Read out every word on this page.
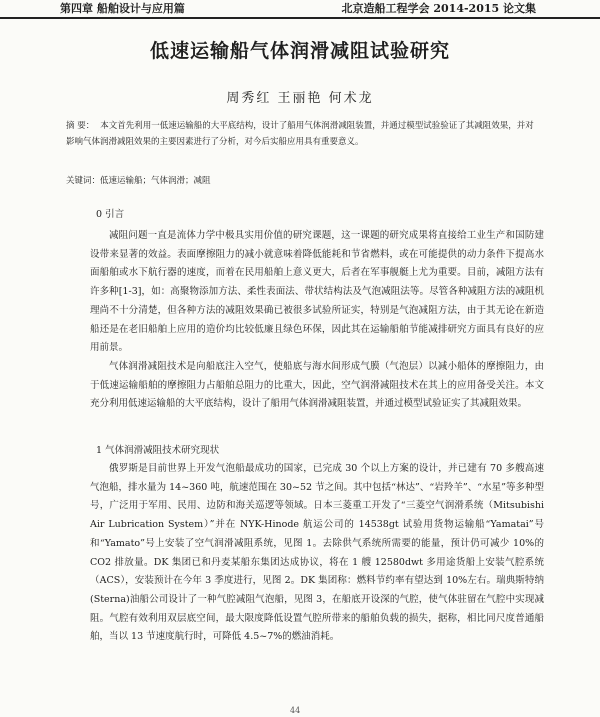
第四章 船舶设计与应用篇	北京造船工程学会 2014-2015 论文集
低速运输船气体润滑减阻试验研究
周秀红 王丽艳 何术龙
摘 要： 本文首先利用一低速运输船的大平底结构，设计了船用气体润滑减阻装置，并通过模型试验验证了其减阻效果，并对影响气体润滑减阻效果的主要因素进行了分析，对今后实船应用具有重要意义。
关键词：低速运输船；气体润滑；减阻
0 引言

减阻问题一直是流体力学中极具实用价值的研究课题，这一课题的研究成果将直接给工业生产和国防建设带来显著的效益。表面摩擦阻力的减小就意味着降低能耗和节省燃料，或在可能提供的动力条件下提高水面船舶或水下航行器的速度，而着在民用船舶上意义更大，后者在军事舰艇上尤为重要。目前，减阻方法有许多种[1-3]，如：高聚物添加方法、柔性表面法、带状结构法及气泡减阻法等。尽管各种减阻方法的减阻机理尚不十分清楚，但各种方法的减阻效果确已被很多试验所证实，特别是气泡减阻方法，由于其无论在新造船还是在老旧船舶上应用的造价均比较低廉且绿色环保，因此其在运输船舶节能减排研究方面具有良好的应用前景。

气体润滑减阻技术是向船底注入空气，使船底与海水间形成气膜（气泡层）以减小船体的摩擦阻力，由于低速运输船舶的摩擦阻力占船舶总阻力的比重大，因此，空气润滑减阻技术在其上的应用备受关注。本文充分利用低速运输船的大平底结构，设计了船用气体润滑减阻装置，并通过模型试验证实了其减阻效果。

1 气体润滑减阻技术研究现状

俄罗斯是目前世界上开发气泡船最成功的国家，已完成 30 个以上方案的设计，并已建有 70 多艘高速气泡船，排水量为 14~360 吨，航速范围在 30~52 节之间。其中包括“林达”、“岩羚羊”、“水星”等多种型号，广泛用于军用、民用、边防和海关巡逻等领域。日本三菱重工开发了“三菱空气润滑系统（Mitsubishi Air Lubrication System）”并在 NYK-Hinode 航运公司的 14538gt 试验用货物运输船“Yamatai”号和“Yamato”号上安装了空气润滑减阻系统，见图 1。去除供气系统所需要的能量，预计仍可减少 10%的 CO2 排放量。DK 集团已和丹麦某船东集团达成协议，将在 1 艘 12580dwt 多用途货船上安装气腔系统（ACS），安装预计在今年 3 季度进行，见图 2。DK 集团称：燃料节约率有望达到 10%左右。瑞典斯特纳(Sterna)油船公司设计了一种气腔减阻气泡船，见图 3，在船底开设深的气腔，使气体驻留在气腔中实现减阻。气腔有效利用双层底空间，最大限度降低设置气腔所带来的船舶负载的损失，据称，相比同尺度普通船舶，当以 13 节速度航行时，可降低 4.5~7%的燃油消耗。

44
